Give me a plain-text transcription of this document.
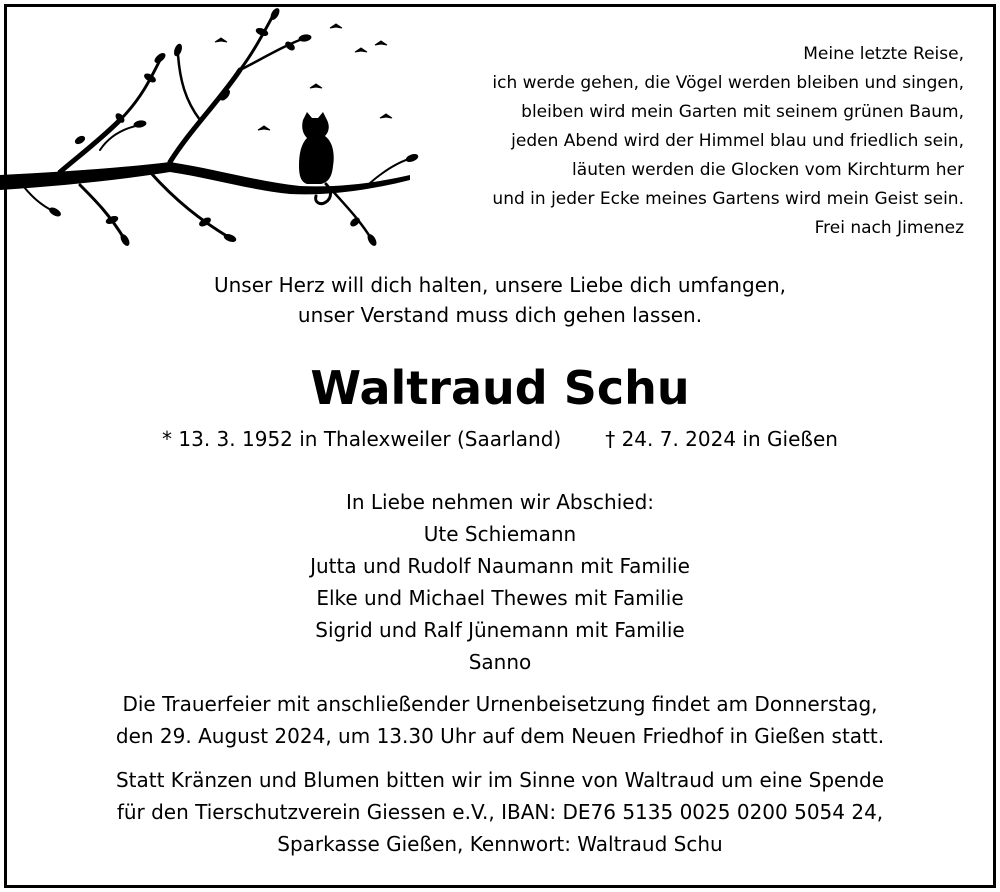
Meine letzte Reise,
ich werde gehen, die Vögel werden bleiben und singen,
bleiben wird mein Garten mit seinem grünen Baum,
jeden Abend wird der Himmel blau und friedlich sein,
läuten werden die Glocken vom Kirchturm her
und in jeder Ecke meines Gartens wird mein Geist sein.
Frei nach Jimenez
Unser Herz will dich halten, unsere Liebe dich umfangen,
unser Verstand muss dich gehen lassen.
Waltraud Schu
* 13. 3. 1952 in Thalexweiler (Saarland) † 24. 7. 2024 in Gießen
In Liebe nehmen wir Abschied:
Ute Schiemann
Jutta und Rudolf Naumann mit Familie
Elke und Michael Thewes mit Familie
Sigrid und Ralf Jünemann mit Familie
Sanno
Die Trauerfeier mit anschließender Urnenbeisetzung findet am Donnerstag,
den 29. August 2024, um 13.30 Uhr auf dem Neuen Friedhof in Gießen statt.
Statt Kränzen und Blumen bitten wir im Sinne von Waltraud um eine Spende
für den Tierschutzverein Giessen e.V., IBAN: DE76 5135 0025 0200 5054 24,
Sparkasse Gießen, Kennwort: Waltraud Schu
